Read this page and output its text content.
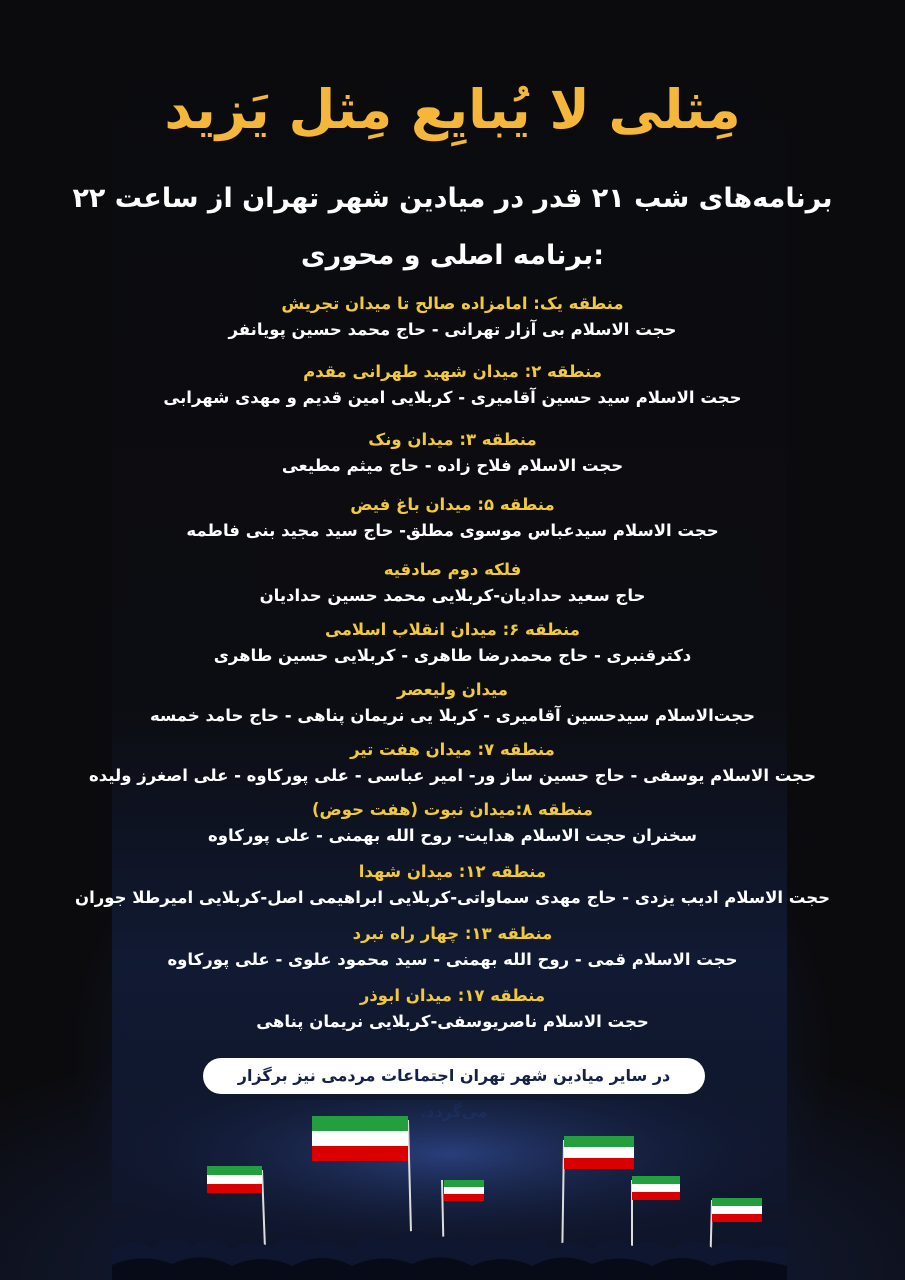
مِثلی لا یُبایِع مِثل یَزید
برنامه‌های شب ۲۱ قدر در میادین شهر تهران از ساعت ۲۲
برنامه اصلی و محوری:
منطقه یک: امامزاده صالح تا میدان تجریش
حجت الاسلام بی آزار تهرانی - حاج محمد حسین پویانفر
منطقه ۲: میدان شهید طهرانی مقدم
حجت الاسلام سید حسین آقامیری - کربلایی امین قدیم و مهدی شهرابی
منطقه ۳: میدان ونک
حجت الاسلام فلاح زاده - حاج میثم مطیعی
منطقه ۵: میدان باغ فیض
حجت الاسلام سیدعباس موسوی مطلق- حاج سید مجید بنی فاطمه
فلکه دوم صادقیه
حاج سعید حدادیان-کربلایی محمد حسین حدادیان
منطقه ۶: میدان انقلاب اسلامی
دکترقنبری - حاج محمدرضا طاهری - کربلایی حسین طاهری
میدان ولیعصر
حجت‌الاسلام سیدحسین آقامیری - کربلا یی نریمان پناهی - حاج حامد خمسه
منطقه ۷: میدان هفت تیر
حجت الاسلام یوسفی - حاج حسین ساز ور- امیر عباسی - علی پورکاوه - علی اصغرز ولیده
منطقه ۸:میدان نبوت (هفت حوض)
سخنران حجت الاسلام هدایت- روح الله بهمنی - علی پورکاوه
منطقه ۱۲: میدان شهدا
حجت الاسلام ادیب یزدی - حاج مهدی سماواتی-کربلایی ابراهیمی اصل-کربلایی امیرطلا جوران
منطقه ۱۳: چهار راه نبرد
حجت الاسلام قمی - روح الله بهمنی - سید محمود علوی - علی پورکاوه
منطقه ۱۷: میدان ابوذر
حجت الاسلام ناصریوسفی-کربلایی نریمان پناهی
در سایر میادین شهر تهران اجتماعات مردمی نیز برگزار
